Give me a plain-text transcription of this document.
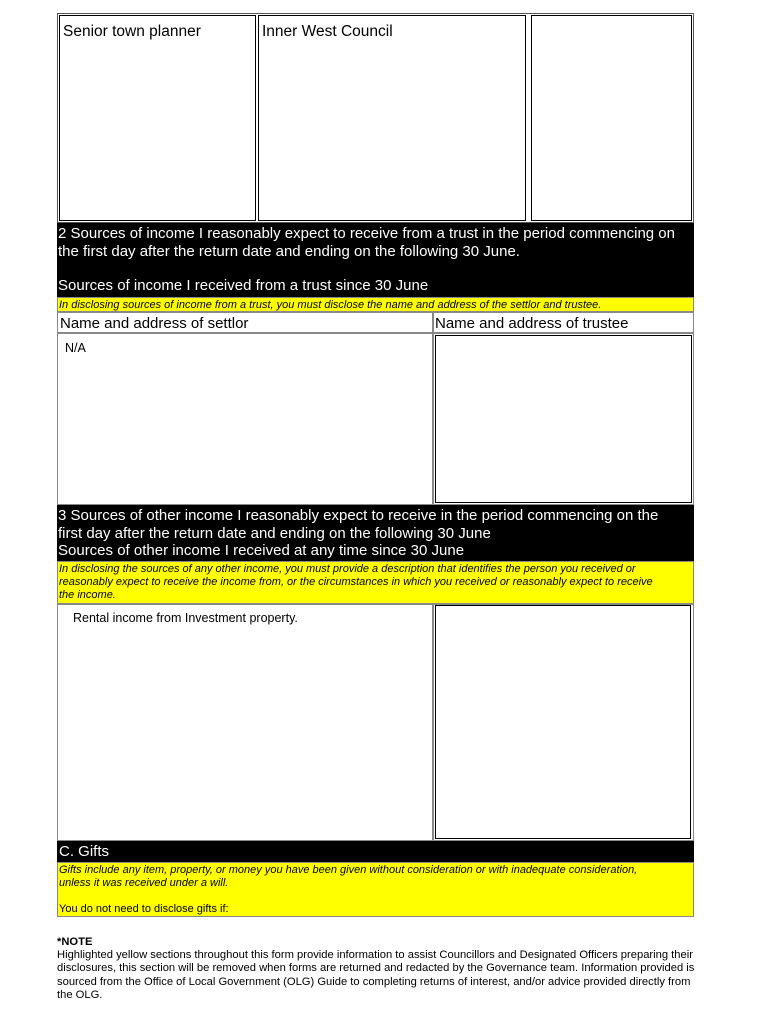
Senior town planner	Inner West Council
2 Sources of income I reasonably expect to receive from a trust in the period commencing on
the first day after the return date and ending on the following 30 June.
Sources of income I received from a trust since 30 June
In disclosing sources of income from a trust, you must disclose the name and address of the settlor and trustee.
Name and address of settlor	Name and address of trustee
N/A
3 Sources of other income I reasonably expect to receive in the period commencing on the
first day after the return date and ending on the following 30 June
Sources of other income I received at any time since 30 June
In disclosing the sources of any other income, you must provide a description that identifies the person you received or
reasonably expect to receive the income from, or the circumstances in which you received or reasonably expect to receive
the income.
Rental income from Investment property.
C. Gifts
Gifts include any item, property, or money you have been given without consideration or with inadequate consideration,
unless it was received under a will.
You do not need to disclose gifts if:
*NOTE
Highlighted yellow sections throughout this form provide information to assist Councillors and Designated Officers preparing their
disclosures, this section will be removed when forms are returned and redacted by the Governance team. Information provided is
sourced from the Office of Local Government (OLG) Guide to completing returns of interest, and/or advice provided directly from
the OLG.
